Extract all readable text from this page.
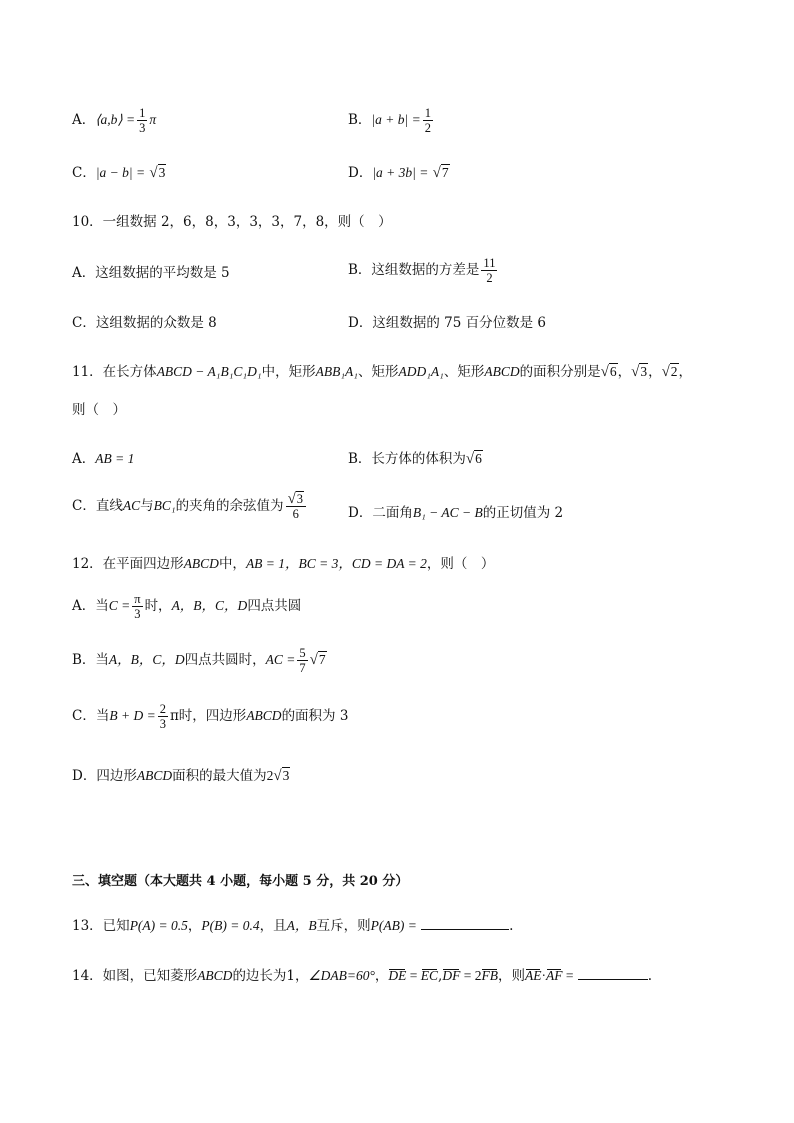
A．⟨a,b⟩ = $\frac{1}{3}$ π	B．$|a + b| = \frac{1}{2}$
C．|a − b| = √3	D．|a + 3b| = √7
10．一组数据 2，6，8，3，3，3，7，8，则（　）
A．这组数据的平均数是 5	B．这组数据的方差是 $\frac{11}{2}$
C．这组数据的众数是 8	D．这组数据的 75 百分位数是 6
11．在长方体ABCD − A₁B₁C₁D₁中，矩形ABB₁A₁、矩形ADD₁A₁、矩形ABCD的面积分别是√6，√3，√2，
则（　）
A．AB = 1	B．长方体的体积为√6
C．直线AC与BC₁的夹角的余弦值为 $\frac{√3}{6}$	D．二面角B₁ − AC − B的正切值为 2
12．在平面四边形ABCD中，AB = 1，BC = 3，CD = DA = 2，则（　）
A．当$C = \frac{\pi}{3}$ 时，A，B，C，D四点共圆
B．当A，B，C，D四点共圆时，AC = $\frac{5}{7} √7$
C．当$B + D = \frac{2}{3}$ π时，四边形ABCD的面积为 3
D．四边形ABCD面积的最大值为2√3
三、填空题（本大题共 4 小题，每小题 5 分，共 20 分）
13．已知P(A) = 0.5，P(B) = 0.4，且A，B互斥，则P(AB) =	.
14．如图，已知菱形ABCD的边长为1，∠DAB=60°，DE = EC,DF = 2FB，则AE·AF =	.
